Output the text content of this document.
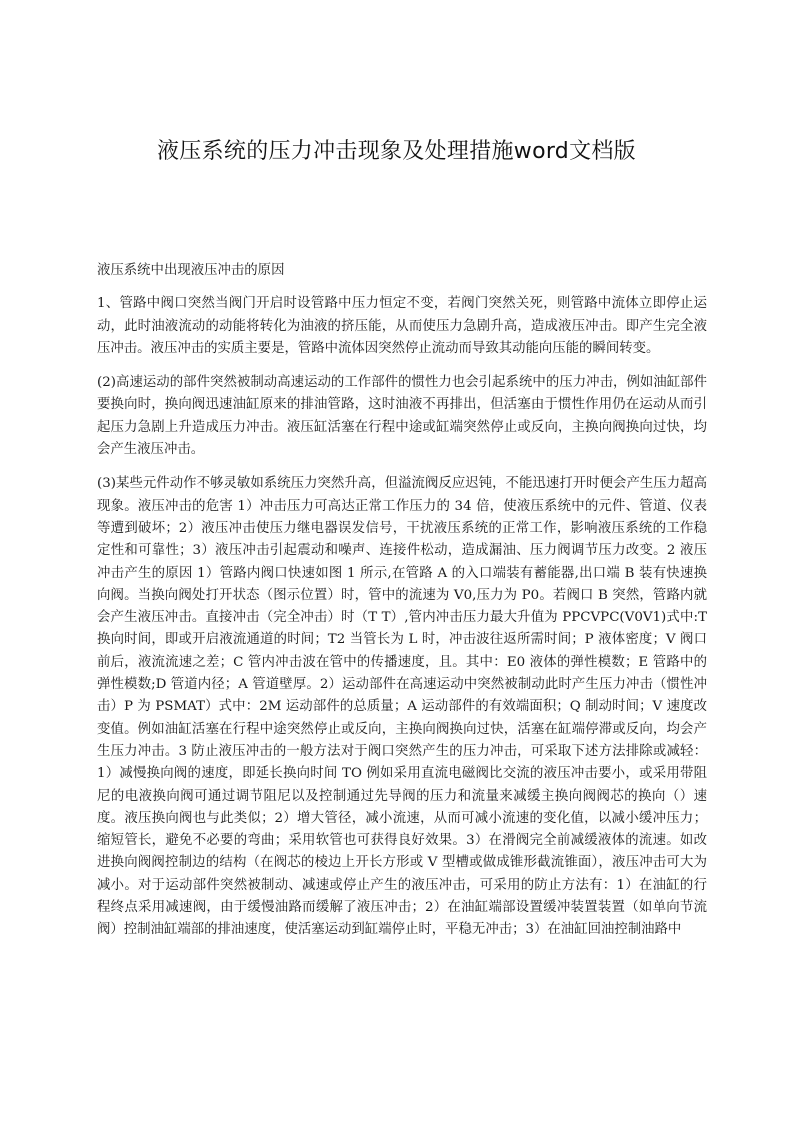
液压系统的压力冲击现象及处理措施word文档版

液压系统中出现液压冲击的原因

1、管路中阀口突然当阀门开启时设管路中压力恒定不变，若阀门突然关死，则管路中流体立即停止运动，此时油液流动的动能将转化为油液的挤压能，从而使压力急剧升高，造成液压冲击。即产生完全液压冲击。液压冲击的实质主要是，管路中流体因突然停止流动而导致其动能向压能的瞬间转变。

(2)高速运动的部件突然被制动高速运动的工作部件的惯性力也会引起系统中的压力冲击，例如油缸部件要换向时，换向阀迅速油缸原来的排油管路，这时油液不再排出，但活塞由于惯性作用仍在运动从而引起压力急剧上升造成压力冲击。液压缸活塞在行程中途或缸端突然停止或反向，主换向阀换向过快，均会产生液压冲击。

(3)某些元件动作不够灵敏如系统压力突然升高，但溢流阀反应迟钝，不能迅速打开时便会产生压力超高现象。液压冲击的危害 1）冲击压力可高达正常工作压力的 34 倍，使液压系统中的元件、管道、仪表等遭到破坏；2）液压冲击使压力继电器误发信号，干扰液压系统的正常工作，影响液压系统的工作稳定性和可靠性；3）液压冲击引起震动和噪声、连接件松动，造成漏油、压力阀调节压力改变。2 液压冲击产生的原因 1）管路内阀口快速如图 1 所示,在管路 A 的入口端装有蓄能器,出口端 B 装有快速换向阀。当换向阀处打开状态（图示位置）时，管中的流速为 V0,压力为 P0。若阀口 B 突然，管路内就会产生液压冲击。直接冲击（完全冲击）时（T T）,管内冲击压力最大升值为 PPCVPC(V0V1)式中:T 换向时间，即或开启液流通道的时间；T2 当管长为 L 时，冲击波往返所需时间；P 液体密度；V 阀口前后，液流流速之差；C 管内冲击波在管中的传播速度，且。其中：E0 液体的弹性模数；E 管路中的弹性模数;D 管道内径；A 管道壁厚。2）运动部件在高速运动中突然被制动此时产生压力冲击（惯性冲击）P 为 PSMAT）式中：2M 运动部件的总质量；A 运动部件的有效端面积；Q 制动时间；V 速度改变值。例如油缸活塞在行程中途突然停止或反向，主换向阀换向过快，活塞在缸端停滞或反向，均会产生压力冲击。3 防止液压冲击的一般方法对于阀口突然产生的压力冲击，可采取下述方法排除或减轻：1）减慢换向阀的速度，即延长换向时间 TO 例如采用直流电磁阀比交流的液压冲击要小，或采用带阻尼的电液换向阀可通过调节阻尼以及控制通过先导阀的压力和流量来减缓主换向阀阀芯的换向（）速度。液压换向阀也与此类似；2）增大管径，减小流速，从而可减小流速的变化值，以减小缓冲压力；缩短管长，避免不必要的弯曲；采用软管也可获得良好效果。3）在滑阀完全前减缓液体的流速。如改进换向阀阀控制边的结构（在阀芯的棱边上开长方形或 V 型槽或做成锥形截流锥面），液压冲击可大为减小。对于运动部件突然被制动、减速或停止产生的液压冲击，可采用的防止方法有：1）在油缸的行程终点采用减速阀，由于缓慢油路而缓解了液压冲击；2）在油缸端部设置缓冲装置装置（如单向节流阀）控制油缸端部的排油速度，使活塞运动到缸端停止时，平稳无冲击；3）在油缸回油控制油路中
